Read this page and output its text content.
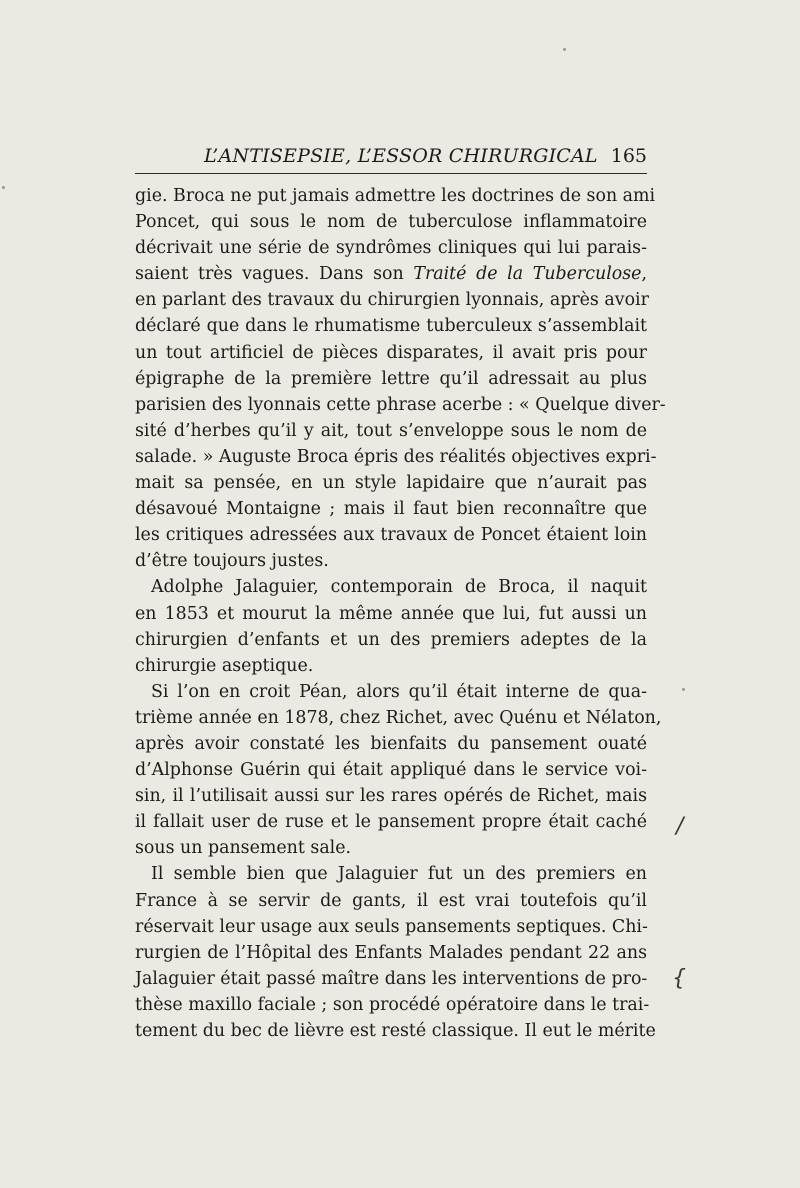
L’ANTISEPSIE, L’ESSOR CHIRURGICAL 165
gie. Broca ne put jamais admettre les doctrines de son ami
Poncet, qui sous le nom de tuberculose inflammatoire
décrivait une série de syndrômes cliniques qui lui parais-
saient très vagues. Dans son Traité de la Tuberculose,
en parlant des travaux du chirurgien lyonnais, après avoir
déclaré que dans le rhumatisme tuberculeux s’assemblait
un tout artificiel de pièces disparates, il avait pris pour
épigraphe de la première lettre qu’il adressait au plus
parisien des lyonnais cette phrase acerbe : « Quelque diver-
sité d’herbes qu’il y ait, tout s’enveloppe sous le nom de
salade. » Auguste Broca épris des réalités objectives expri-
mait sa pensée, en un style lapidaire que n’aurait pas
désavoué Montaigne ; mais il faut bien reconnaître que
les critiques adressées aux travaux de Poncet étaient loin
d’être toujours justes.
Adolphe Jalaguier, contemporain de Broca, il naquit
en 1853 et mourut la même année que lui, fut aussi un
chirurgien d’enfants et un des premiers adeptes de la
chirurgie aseptique.
Si l’on en croit Péan, alors qu’il était interne de qua-
trième année en 1878, chez Richet, avec Quénu et Nélaton,
après avoir constaté les bienfaits du pansement ouaté
d’Alphonse Guérin qui était appliqué dans le service voi-
sin, il l’utilisait aussi sur les rares opérés de Richet, mais
il fallait user de ruse et le pansement propre était caché
sous un pansement sale.
Il semble bien que Jalaguier fut un des premiers en
France à se servir de gants, il est vrai toutefois qu’il
réservait leur usage aux seuls pansements septiques. Chi-
rurgien de l’Hôpital des Enfants Malades pendant 22 ans
Jalaguier était passé maître dans les interventions de pro-
thèse maxillo faciale ; son procédé opératoire dans le trai-
tement du bec de lièvre est resté classique. Il eut le mérite
/
{
